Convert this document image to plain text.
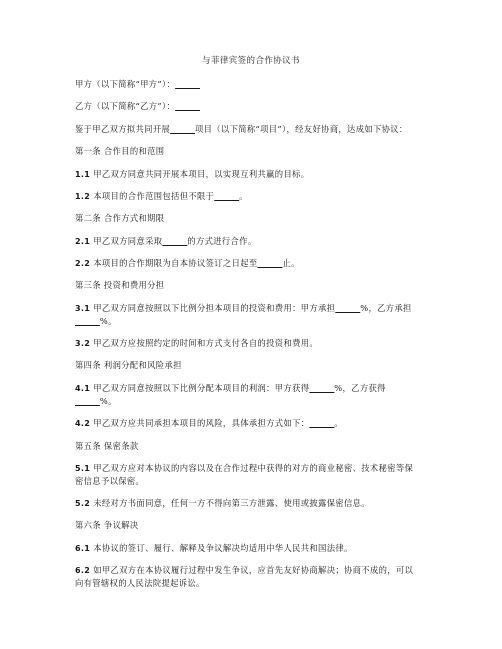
与菲律宾签的合作协议书
甲方（以下简称“甲方”）：______
乙方（以下简称“乙方”）：______
鉴于甲乙双方拟共同开展______项目（以下简称“项目”），经友好协商，达成如下协议：
第一条 合作目的和范围
1.1 甲乙双方同意共同开展本项目，以实现互利共赢的目标。
1.2 本项目的合作范围包括但不限于______。
第二条 合作方式和期限
2.1 甲乙双方同意采取______的方式进行合作。
2.2 本项目的合作期限为自本协议签订之日起至______止。
第三条 投资和费用分担
3.1 甲乙双方同意按照以下比例分担本项目的投资和费用：甲方承担______%，乙方承担
______%。
3.2 甲乙双方应按照约定的时间和方式支付各自的投资和费用。
第四条 利润分配和风险承担
4.1 甲乙双方同意按照以下比例分配本项目的利润：甲方获得______%，乙方获得
______%。
4.2 甲乙双方应共同承担本项目的风险，具体承担方式如下：______。
第五条 保密条款
5.1 甲乙双方应对本协议的内容以及在合作过程中获得的对方的商业秘密、技术秘密等保
密信息予以保密。
5.2 未经对方书面同意，任何一方不得向第三方泄露、使用或披露保密信息。
第六条 争议解决
6.1 本协议的签订、履行、解释及争议解决均适用中华人民共和国法律。
6.2 如甲乙双方在本协议履行过程中发生争议，应首先友好协商解决；协商不成的，可以
向有管辖权的人民法院提起诉讼。
